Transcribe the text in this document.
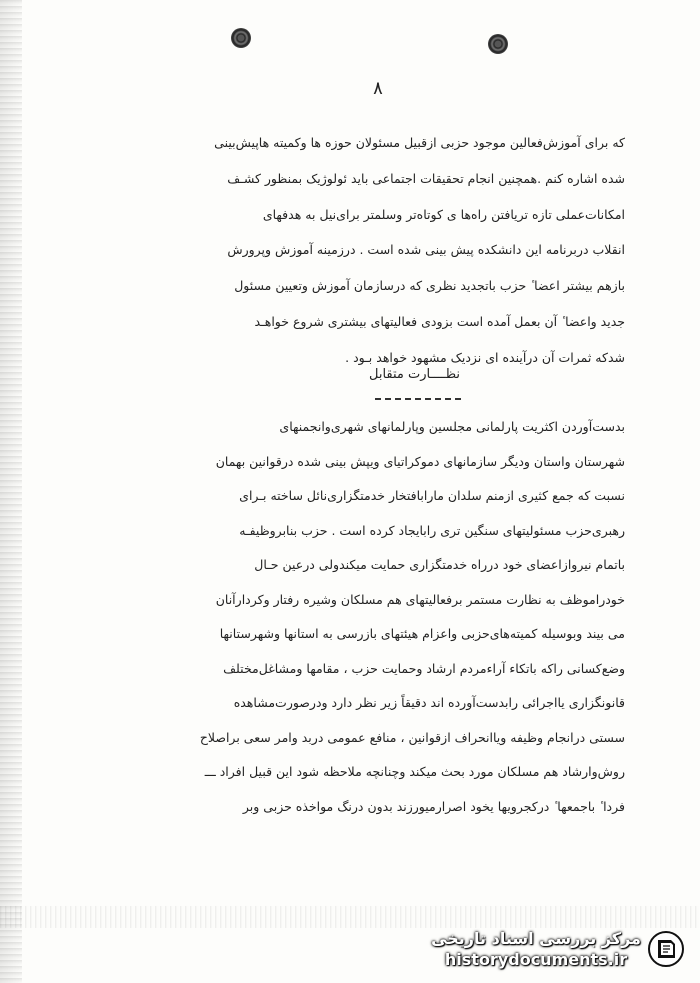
۸
که برای آموزش‌فعالین موجود حزبی ازقبیل مسئولان حوزه ها وکمیته هاپیش‌بینی
شده اشاره کنم .همچنین انجام تحقیقات اجتماعی باید ئولوژیک بمنظور کشـف
امکانات‌عملی تازه تریافتن راه‌ها ی کوتاه‌تر وسلمتر برای‌نیل به هدفهای
انقلاب دربرنامه این دانشکده پیش بینی شده است . درزمینه آموزش وپرورش
بازهم بیشتر اعضا ٔ حزب باتجدید نظری که درسازمان آموزش وتعیین مسئول
جدید واعضا ٔ آن بعمل آمده است بزودی فعالیتهای بیشتری شروع خواهـد
شدکه ثمرات آن درآینده ای نزدیک مشهود خواهد بـود .
نظــــارت متقابل
بدست‌آوردن اکثریت پارلمانی مجلسین وپارلمانهای شهری‌وانجمنهای
شهرستان واستان ودیگر سازمانهای دموکراتیای ویپش بینی شده درقوانین بهمان
نسبت که جمع کثیری ازمنم سلدان مارابافتخار خدمتگزاری‌نائل ساخته بـرای
رهبری‌حزب مسئولیتهای سنگین تری رابایجاد کرده است . حزب بنابروظیفـه
باتمام نیروازاعضای خود درراه خدمتگزاری حمایت میکندولی درعین حـال
خودراموظف به نظارت مستمر برفعالیتهای هم مسلکان وشیره رفتار وکردارآنان
می بیند وبوسیله کمیته‌های‌حزبی واعزام هیئتهای بازرسی به استانها وشهرستانها
وضع‌کسانی راکه باتکاء آراءمردم ارشاد وحمایت حزب ، مقامها ومشاغل‌مختلف
قانونگزاری یااجرائی رابدست‌آورده اند دقیقاً زیر نظر دارد ودرصورت‌مشاهده
سستی درانجام وظیفه ویاانحراف ازقوانین ، منافع عمومی دربد وامر سعی براصلاح
روش‌وارشاد هم مسلکان مورد بحث میکند وچنانچه ملاحظه شود این قبیل افراد ـــ
فردا ٔ باجمعها ٔ درکجرویها یخود اصرارمیورزند بدون درنگ مواخذه حزبی وبر
مرکز بررسی اسناد تاریخی
historydocuments.ir
